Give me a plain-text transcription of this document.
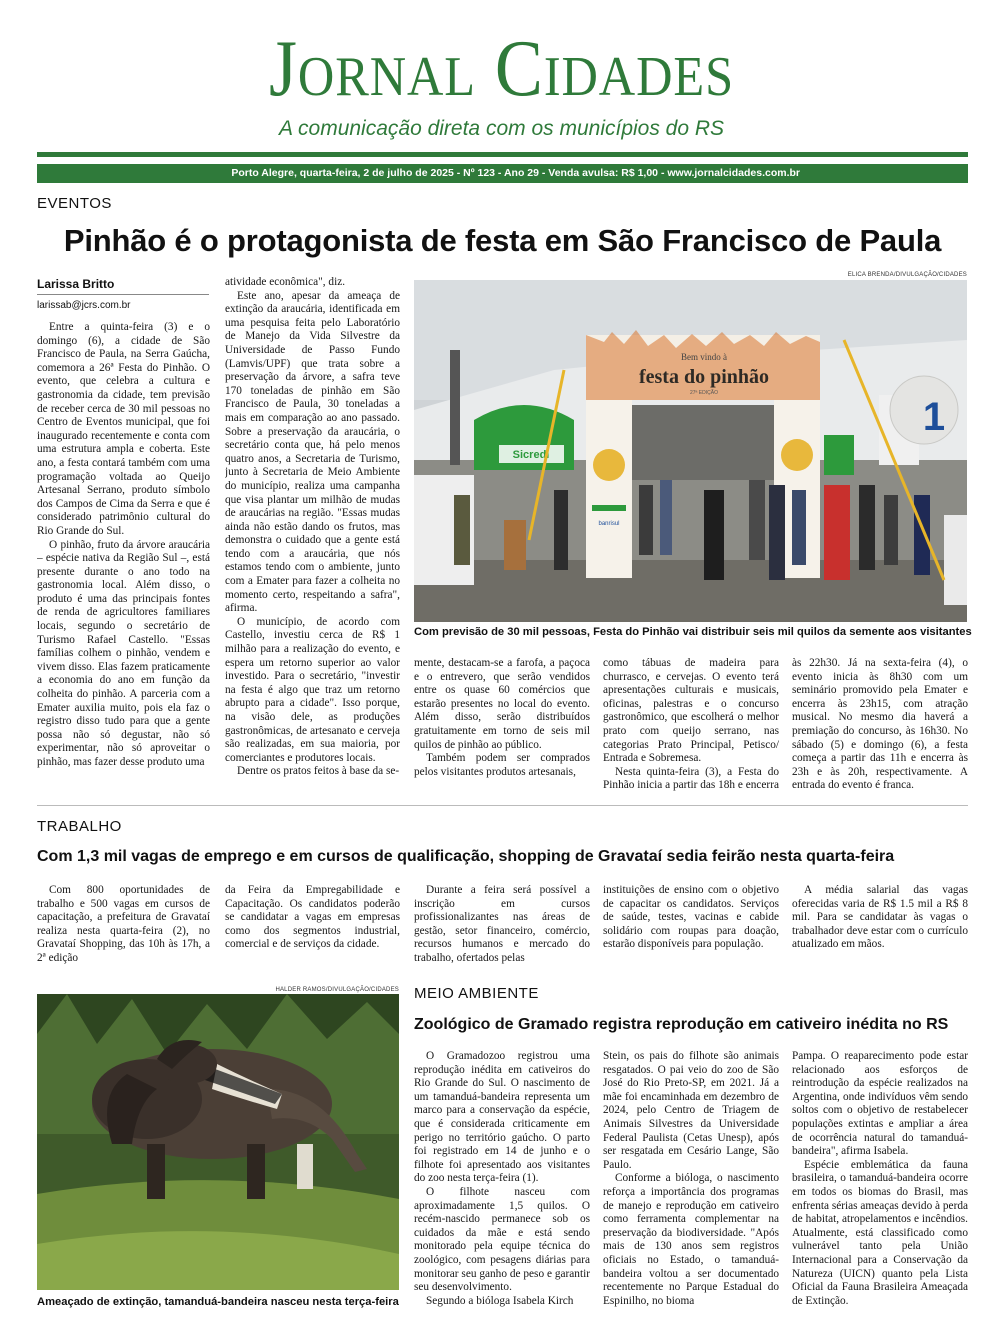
Jornal Cidades
A comunicação direta com os municípios do RS
Porto Alegre, quarta-feira, 2 de julho de 2025 - Nº 123 - Ano 29 - Venda avulsa: R$ 1,00 - www.jornalcidades.com.br
EVENTOS
Pinhão é o protagonista de festa em São Francisco de Paula
Larissa Britto
larissab@jcrs.com.br

Entre a quinta-feira (3) e o domingo (6), a cidade de São Francisco de Paula, na Serra Gaúcha, comemora a 26ª Festa do Pinhão. O evento, que celebra a cultura e gastronomia da cidade, tem previsão de receber cerca de 30 mil pessoas no Centro de Eventos municipal, que foi inaugurado recentemente e conta com uma estrutura ampla e coberta. Este ano, a festa contará também com uma programação voltada ao Queijo Artesanal Serrano, produto símbolo dos Campos de Cima da Serra e que é considerado patrimônio cultural do Rio Grande do Sul.

O pinhão, fruto da árvore araucária – espécie nativa da Região Sul –, está presente durante o ano todo na gastronomia local. Além disso, o produto é uma das principais fontes de renda de agricultores familiares locais, segundo o secretário de Turismo Rafael Castello. "Essas famílias colhem o pinhão, vendem e vivem disso. Elas fazem praticamente a economia do ano em função da colheita do pinhão. A parceria com a Emater auxilia muito, pois ela faz o registro disso tudo para que a gente possa não só degustar, não só experimentar, não só aproveitar o pinhão, mas fazer desse produto uma

atividade econômica", diz.

Este ano, apesar da ameaça de extinção da araucária, identificada em uma pesquisa feita pelo Laboratório de Manejo da Vida Silvestre da Universidade de Passo Fundo (Lamvis/UPF) que trata sobre a preservação da árvore, a safra teve 170 toneladas de pinhão em São Francisco de Paula, 30 toneladas a mais em comparação ao ano passado. Sobre a preservação da araucária, o secretário conta que, há pelo menos quatro anos, a Secretaria de Turismo, junto à Secretaria de Meio Ambiente do município, realiza uma campanha que visa plantar um milhão de mudas de araucárias na região. "Essas mudas ainda não estão dando os frutos, mas demonstra o cuidado que a gente está tendo com a araucária, que nós estamos tendo com o ambiente, junto com a Emater para fazer a colheita no momento certo, respeitando a safra", afirma.

O município, de acordo com Castello, investiu cerca de R$ 1 milhão para a realização do evento, e espera um retorno superior ao valor investido. Para o secretário, "investir na festa é algo que traz um retorno abrupto para a cidade". Isso porque, na visão dele, as produções gastronômicas, de artesanato e cerveja são realizadas, em sua maioria, por comerciantes e produtores locais.

Dentre os pratos feitos à base da se-

mente, destacam-se a farofa, a paçoca e o entrevero, que serão vendidos entre os quase 60 comércios que estarão presentes no local do evento. Além disso, serão distribuídos gratuitamente em torno de seis mil quilos de pinhão ao público.

Também podem ser comprados pelos visitantes produtos artesanais,

como tábuas de madeira para churrasco, e cervejas. O evento terá apresentações culturais e musicais, oficinas, palestras e o concurso gastronômico, que escolherá o melhor prato com queijo serrano, nas categorias Prato Principal, Petisco/ Entrada e Sobremesa.

Nesta quinta-feira (3), a Festa do Pinhão inicia a partir das 18h e encerra

às 22h30. Já na sexta-feira (4), o evento inicia às 8h30 com um seminário promovido pela Emater e encerra às 23h15, com atração musical. No mesmo dia haverá a premiação do concurso, às 16h30. No sábado (5) e domingo (6), a festa começa a partir das 11h e encerra às 23h e às 20h, respectivamente. A entrada do evento é franca.

ELICA BRENDA/DIVULGAÇÃO/CIDADES
Sicredi
Bem vindo à
festa do pinhão
27ª EDIÇÃO
banrisul
1
Com previsão de 30 mil pessoas, Festa do Pinhão vai distribuir seis mil quilos da semente aos visitantes
TRABALHO
Com 1,3 mil vagas de emprego e em cursos de qualificação, shopping de Gravataí sedia feirão nesta quarta-feira

Com 800 oportunidades de trabalho e 500 vagas em cursos de capacitação, a prefeitura de Gravataí realiza nesta quarta-feira (2), no Gravataí Shopping, das 10h às 17h, a 2ª edição

da Feira da Empregabilidade e Capacitação. Os candidatos poderão se candidatar a vagas em empresas como dos segmentos industrial, comercial e de serviços da cidade.

Durante a feira será possível a inscrição em cursos profissionalizantes nas áreas de gestão, setor financeiro, comércio, recursos humanos e mercado do trabalho, ofertados pelas

instituições de ensino com o objetivo de capacitar os candidatos. Serviços de saúde, testes, vacinas e cabide solidário com roupas para doação, estarão disponíveis para população.

A média salarial das vagas oferecidas varia de R$ 1.5 mil a R$ 8 mil. Para se candidatar às vagas o trabalhador deve estar com o currículo atualizado em mãos.

HALDER RAMOS/DIVULGAÇÃO/CIDADES
Ameaçado de extinção, tamanduá-bandeira nasceu nesta terça-feira
MEIO AMBIENTE
Zoológico de Gramado registra reprodução em cativeiro inédita no RS

O Gramadozoo registrou uma reprodução inédita em cativeiros do Rio Grande do Sul. O nascimento de um tamanduá-bandeira representa um marco para a conservação da espécie, que é considerada criticamente em perigo no território gaúcho. O parto foi registrado em 14 de junho e o filhote foi apresentado aos visitantes do zoo nesta terça-feira (1).

O filhote nasceu com aproximadamente 1,5 quilos. O recém-nascido permanece sob os cuidados da mãe e está sendo monitorado pela equipe técnica do zoológico, com pesagens diárias para monitorar seu ganho de peso e garantir seu desenvolvimento.

Segundo a bióloga Isabela Kirch

Stein, os pais do filhote são animais resgatados. O pai veio do zoo de São José do Rio Preto-SP, em 2021. Já a mãe foi encaminhada em dezembro de 2024, pelo Centro de Triagem de Animais Silvestres da Universidade Federal Paulista (Cetas Unesp), após ser resgatada em Cesário Lange, São Paulo.

Conforme a bióloga, o nascimento reforça a importância dos programas de manejo e reprodução em cativeiro como ferramenta complementar na preservação da biodiversidade. "Após mais de 130 anos sem registros oficiais no Estado, o tamanduá-bandeira voltou a ser documentado recentemente no Parque Estadual do Espinilho, no bioma

Pampa. O reaparecimento pode estar relacionado aos esforços de reintrodução da espécie realizados na Argentina, onde indivíduos vêm sendo soltos com o objetivo de restabelecer populações extintas e ampliar a área de ocorrência natural do tamanduá-bandeira", afirma Isabela.

Espécie emblemática da fauna brasileira, o tamanduá-bandeira ocorre em todos os biomas do Brasil, mas enfrenta sérias ameaças devido à perda de habitat, atropelamentos e incêndios. Atualmente, está classificado como vulnerável tanto pela União Internacional para a Conservação da Natureza (UICN) quanto pela Lista Oficial da Fauna Brasileira Ameaçada de Extinção.
